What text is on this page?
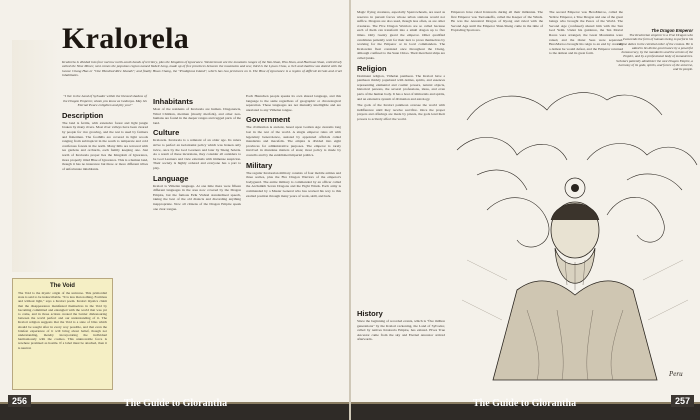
Kralorela
Kralorela is divided into four narrow north-south bands of territory, plus the Kingdom of Ignorance. Westernmost are the mountain ranges of the Yan-Shan, Hsu Shan, and Hachuan Shan, collectively called the Nine Mines; next comes the populous region named Vadeli Long, made up of five provinces between the mountains and sea; third is the Lyuan Chou, a rich and shallow sea dotted with the Goose Chang Hao or "One Hundred Rice Islands"; and finally Huan Chang, the "Prodigious Island", which has two provinces on it. The Blue of Ignorance is a region of difficult terrain and cruel inhabitants.

"I live in the Land of Sylvador within the blessed shadow of the Dragon Emperor, whom you know as Godunya. May his Eternal Peace enlighten and pity you!"

Description

The land is fertile, with extensive forest and light jungle broken by many rivers. Most river valleys have been cleared by people for rice growing, and the rest is used by farmers and fishermen. The foothills are covered in light woods ranging from subtropical in the south to temperate and cold coniferous forests in the north. Many hills are terraced with tea gardens and orchards, each family keeping one. Just north of Kralorela proper lies the Kingdom of Ignorance, more properly titled Blue of Ignorance. This is a human land, though it has no insurance but three or more different tribes of unfortunate inhabitants.

Inhabitants

Most of the residents of Kralorela are human. Dragonewts, Wind Children, mermen (mostly merfolk), and other non-humans are found in the deeper ranges and rugged parts of the land.

Culture

Kralorela. Kralorela is a remnant of an older age. Its rulers strive to perfect an isolationist policy which was broken only twice, once by the God Learners and later by Sheng Seleris. As a result of these incursions, they consider all outsiders to be God Learners and view externals with immense suspicion. Their society is highly ordered and everyone has a part to play.

Language

Kralori is Vithelan language. At one time there were fifteen different languages in the area now covered by the Dragon Empire, but the famous Ezik Vishrel standardised speech, taking the best of the old dialects and discarding anything inappropriate. Now all citizens of the Dragon Empire speak one clear tongue.

Each Hsunchen people speaks its own shared language, and this language is the same regardless of geographic or chronological separation. These languages are not mutually intelligible and are unrelated to any Vithelan tongue.

Government

The civilization is ancient, based upon Golden Age customs long lost in the rest of the world. A single emperor rules all with legendary benevolence, assisted by appointed officials called mandarins and macefolk. The empire is divided into eight provinces for administrative purposes. The emperor is rarely involved in mundane matters of state; most policy is made by councils and by the established imperial politics.

Military

The regular Kralorelan military consists of four mobile armies and three sorties, plus the Fire Dragon Warriors of the emperor's bodyguard. The entire military is commanded by an officer called the Archsmith Seven Dragons and the Eight Winds. Each army is commanded by a Master General who has worked his way to this exalted position through many years of work, skill, and luck.

The Void

The Void is the mystic origin of the universe. This primordial state is said to be indescribable. "It is less than nothing. Formless and without light," says a Kralori poem. Kralori mystics claim that the disappearance manifested themselves in the Void by becoming committed and entangled with the world that was yet to come, and in those actions created the barrier dishonouring between the world perfect and our understanding of it. The Kralori religion suggests that the Void is a state of bliss which should be sought after in every way possible, and that even the briefest experience of it will bring about belief, though not understanding, thereby incorporating the individual harmoniously with the cosmos. This unknowable force is nowhere promised as hostile. If a label must be attached, then it is neutral.

256	The Guide to Glorantha

Magic flying creatures, especially Sparrowheads, are used as reserves in pursuit forces whose urban stations would not suffice. Dragons are also used, though less often, as are other creatures. The Five Dragon Warriors are so called because each of them can transform into a small dragon up to five times. Only twenty guard the emperor. Other qualified candidates patiently wait for their turn to prove themselves by working for the Emperor or in local commanders. The Kralorelan fleet consisted once throughout the Cheng, although confined to the Suan Chiao. Their merchant ships are called junks.

Religion

Dominant religion, Vithelan pantheon. The Kralori have a pantheon thickly populated with deities, spirits, and essences representing elemental and cosmic powers, natural objects, historical persons, the several professions, ideas, and even parts of the human body. It has a host of immortals and spirits, and an extensive system of divination and astrology.

The gods of the Kralori pantheon oversee the world with indifference until they receive sacrifice. Once the proper prayers and offerings are made by priests, the gods lend their powers to actively affect the world.

Emperors have ruled Kralorela during all their millennia. The first Emperor was TaoGukeffa, called the Keeper of the Winds. He was the Ancestral Dragon of Ryong and ruled with the Second Age until the Emperor Shan-Sheng came in the time of Exploding Sparrows.

The second Emperor was HeroMarroo, called the Yellow Emperor, a True Dragon and one of the great beings who brought the Peace of the World. The Second Age (confused) shared him with the Sun God Yelm. Under his guidance, the Ten Mortal Races were arranged, the Great Mountains were raised, and the Outer Seas were separated. HeroMarroo brought his reign to an end by creating a demon he would defeat, and the Emperor returned to the demon and its great form.

History

Since the beginning of recorded events, which is "five million generations" by the Kralori reckoning, the Land of Sylvador, called by natives Kralorela Empire, has existed. Elves True Ancestor came from the sky and Eternal Ancestor arrived afterwards.

The Dragon Emperor
The Kralorelan emperor is a True Dragon who transcends the form of humans being to perform his divine duties in the celestial order of the cosmos. He is aided in his divine governance by a powerful bureaucracy, by the mandarins and the armies of the Empire, and by a professional body of monasteries. Scholars patiently administer the vast Dragon Empire, a harmony of its gods, spirits, and forces of the universe, and its people.
Peru
The Guide to Glorantha	257
